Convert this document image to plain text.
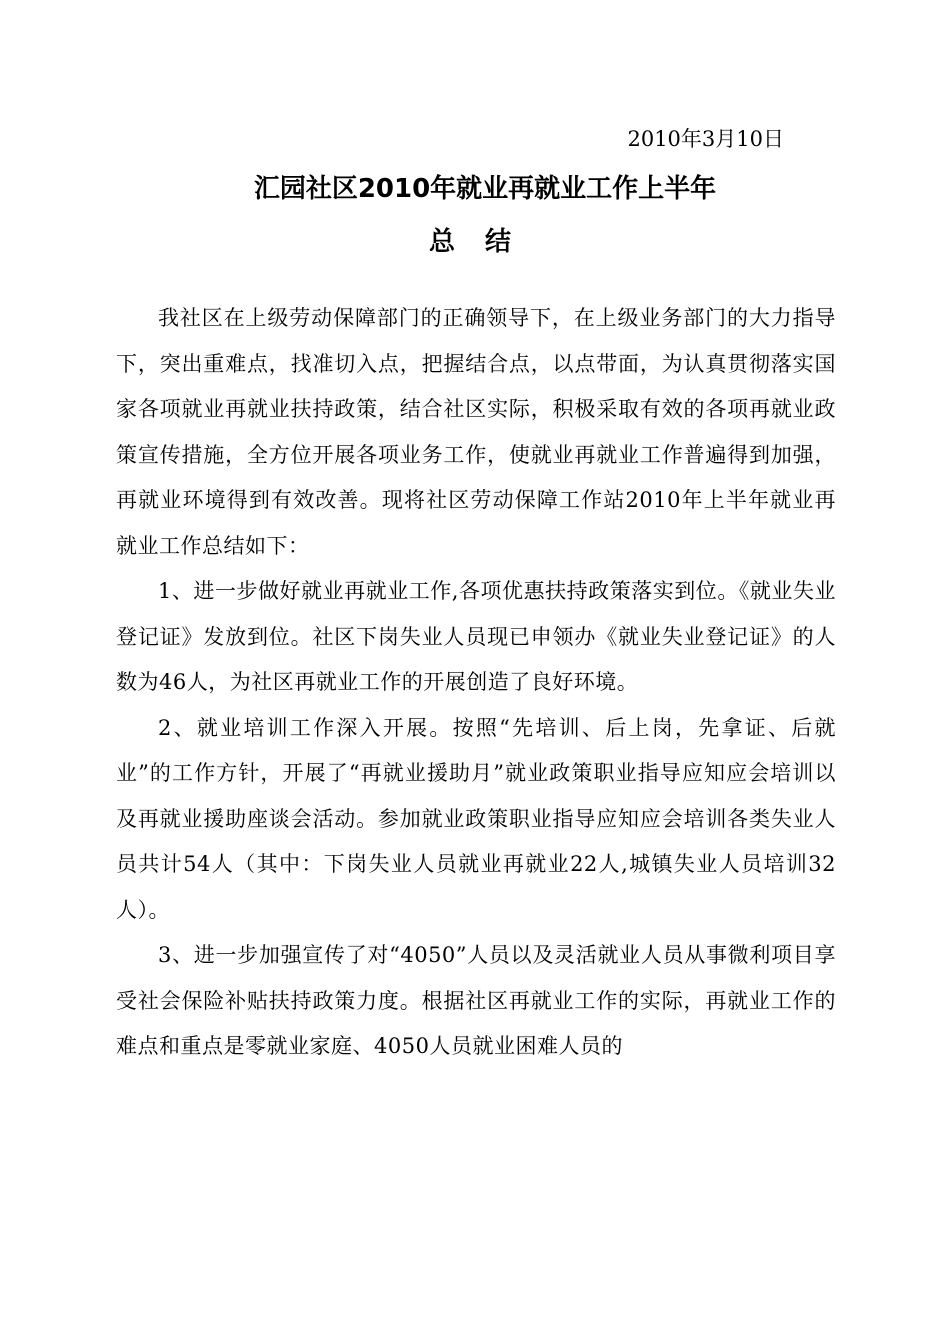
2010年3月10日
汇园社区2010年就业再就业工作上半年
总结

我社区在上级劳动保障部门的正确领导下，在上级业务部门的大力指导下，突出重难点，找准切入点，把握结合点，以点带面，为认真贯彻落实国家各项就业再就业扶持政策，结合社区实际，积极采取有效的各项再就业政策宣传措施，全方位开展各项业务工作，使就业再就业工作普遍得到加强，再就业环境得到有效改善。现将社区劳动保障工作站2010年上半年就业再就业工作总结如下：

1、进一步做好就业再就业工作,各项优惠扶持政策落实到位。《就业失业登记证》发放到位。社区下岗失业人员现已申领办《就业失业登记证》的人数为46人，为社区再就业工作的开展创造了良好环境。

2、就业培训工作深入开展。按照“先培训、后上岗，先拿证、后就业”的工作方针，开展了“再就业援助月”就业政策职业指导应知应会培训以及再就业援助座谈会活动。参加就业政策职业指导应知应会培训各类失业人员共计54人（其中：下岗失业人员就业再就业22人,城镇失业人员培训32人）。

3、进一步加强宣传了对“4050”人员以及灵活就业人员从事微利项目享受社会保险补贴扶持政策力度。根据社区再就业工作的实际，再就业工作的难点和重点是零就业家庭、4050人员就业困难人员的
